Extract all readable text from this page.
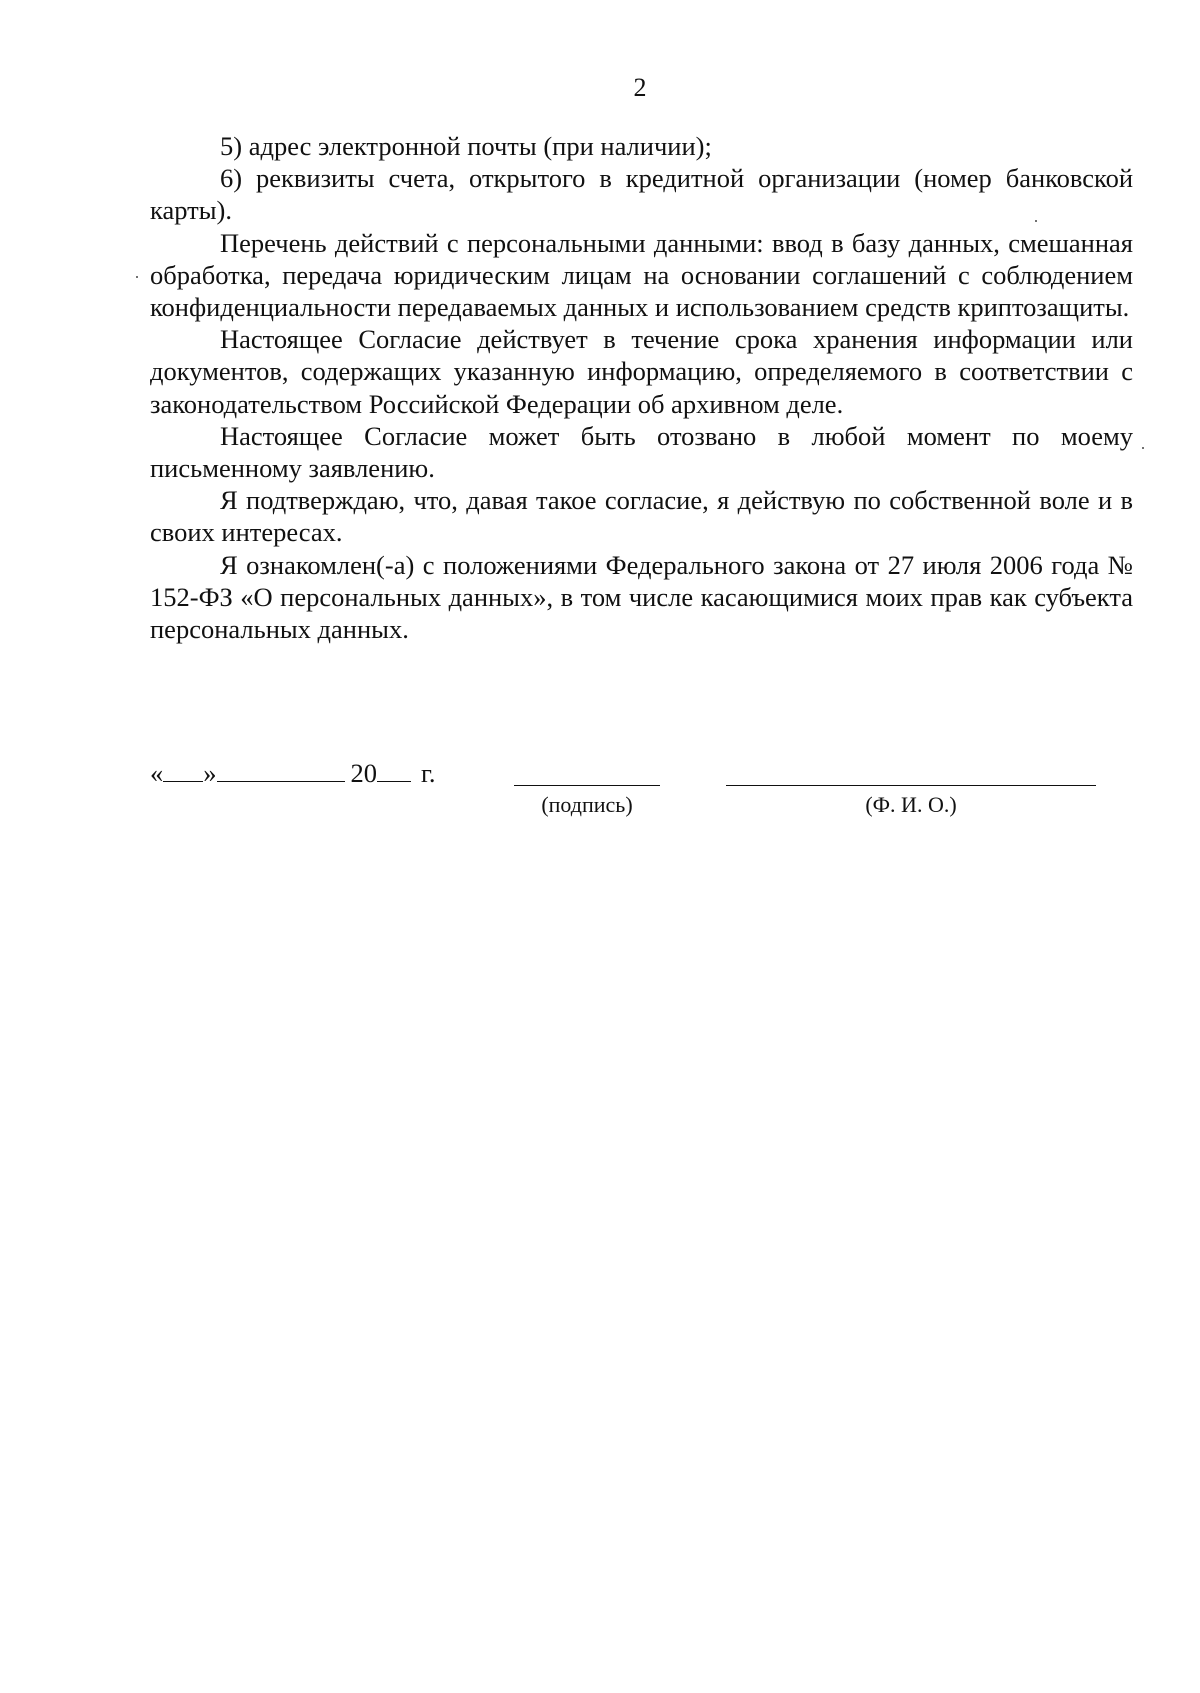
2

5) адрес электронной почты (при наличии);

6) реквизиты счета, открытого в кредитной организации (номер банковской карты).

Перечень действий с персональными данными: ввод в базу данных, смешанная обработка, передача юридическим лицам на основании соглашений с соблюдением конфиденциальности передаваемых данных и использованием средств криптозащиты.

Настоящее Согласие действует в течение срока хранения информации или документов, содержащих указанную информацию, определяемого в соответствии с законодательством Российской Федерации об архивном деле.

Настоящее Согласие может быть отозвано в любой момент по моему письменному заявлению.

Я подтверждаю, что, давая такое согласие, я действую по собственной воле и в своих интересах.

Я ознакомлен(-а) с положениями Федерального закона от 27 июля 2006 года № 152-ФЗ «О персональных данных», в том числе касающимися моих прав как субъекта персональных данных.

« »	20 г.
(подпись)	(Ф. И. О.)
